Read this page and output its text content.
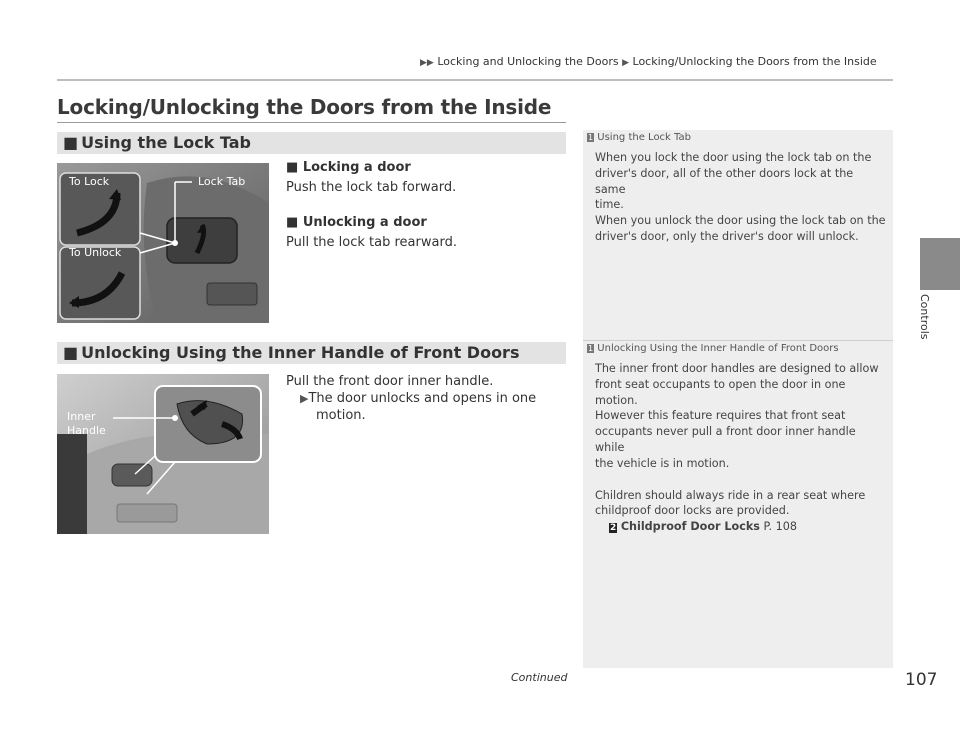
▶▶ Locking and Unlocking the Doors ▶ Locking/Unlocking the Doors from the Inside
Locking/Unlocking the Doors from the Inside
■Using the Lock Tab
To Lock
To Unlock
Lock Tab
■ Locking a door
Push the lock tab forward.
■ Unlocking a door
Pull the lock tab rearward.
■Unlocking Using the Inner Handle of Front Doors
Inner
Handle
Pull the front door inner handle.
▶The door unlocks and opens in one
motion.
1 Using the Lock Tab
When you lock the door using the lock tab on the
driver's door, all of the other doors lock at the same
time.
When you unlock the door using the lock tab on the
driver's door, only the driver's door will unlock.
1 Unlocking Using the Inner Handle of Front Doors
The inner front door handles are designed to allow
front seat occupants to open the door in one motion.
However this feature requires that front seat
occupants never pull a front door inner handle while
the vehicle is in motion.
Children should always ride in a rear seat where
childproof door locks are provided.
2 Childproof Door Locks P. 108
Controls
Continued	107
